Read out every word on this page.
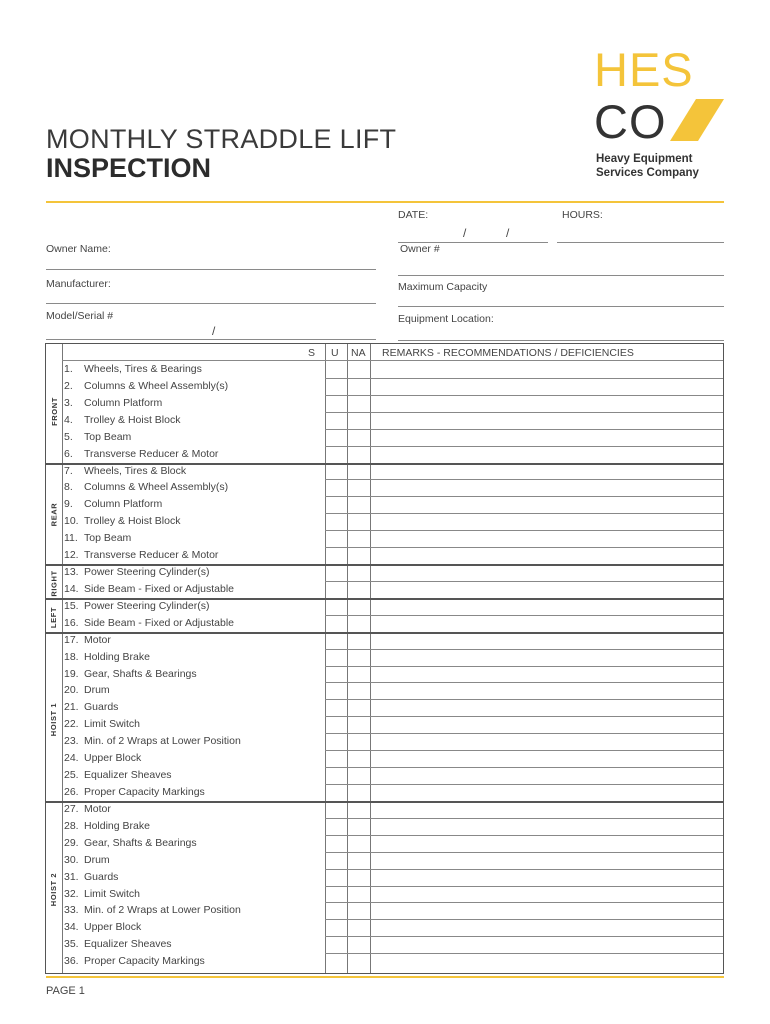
MONTHLY STRADDLE LIFT
INSPECTION
HES
CO
Heavy Equipment
Services Company
DATE:	HOURS:
/	/
Owner Name:
Manufacturer:
Model/Serial #
/
Owner #
Maximum Capacity
Equipment Location:
S U NA REMARKS - RECOMMENDATIONS / DEFICIENCIES
FRONT
REAR
RIGHT
LEFT
HOIST 1
HOIST 2
1. Wheels, Tires & Bearings
2. Columns & Wheel Assembly(s)
3. Column Platform
4. Trolley & Hoist Block
5. Top Beam
6. Transverse Reducer & Motor
7. Wheels, Tires & Block
8. Columns & Wheel Assembly(s)
9. Column Platform
10. Trolley & Hoist Block
11. Top Beam
12. Transverse Reducer & Motor
13. Power Steering Cylinder(s)
14. Side Beam - Fixed or Adjustable
15. Power Steering Cylinder(s)
16. Side Beam - Fixed or Adjustable
17. Motor
18. Holding Brake
19. Gear, Shafts & Bearings
20. Drum
21. Guards
22. Limit Switch
23. Min. of 2 Wraps at Lower Position
24. Upper Block
25. Equalizer Sheaves
26. Proper Capacity Markings
27. Motor
28. Holding Brake
29. Gear, Shafts & Bearings
30. Drum
31. Guards
32. Limit Switch
33. Min. of 2 Wraps at Lower Position
34. Upper Block
35. Equalizer Sheaves
36. Proper Capacity Markings
PAGE 1
